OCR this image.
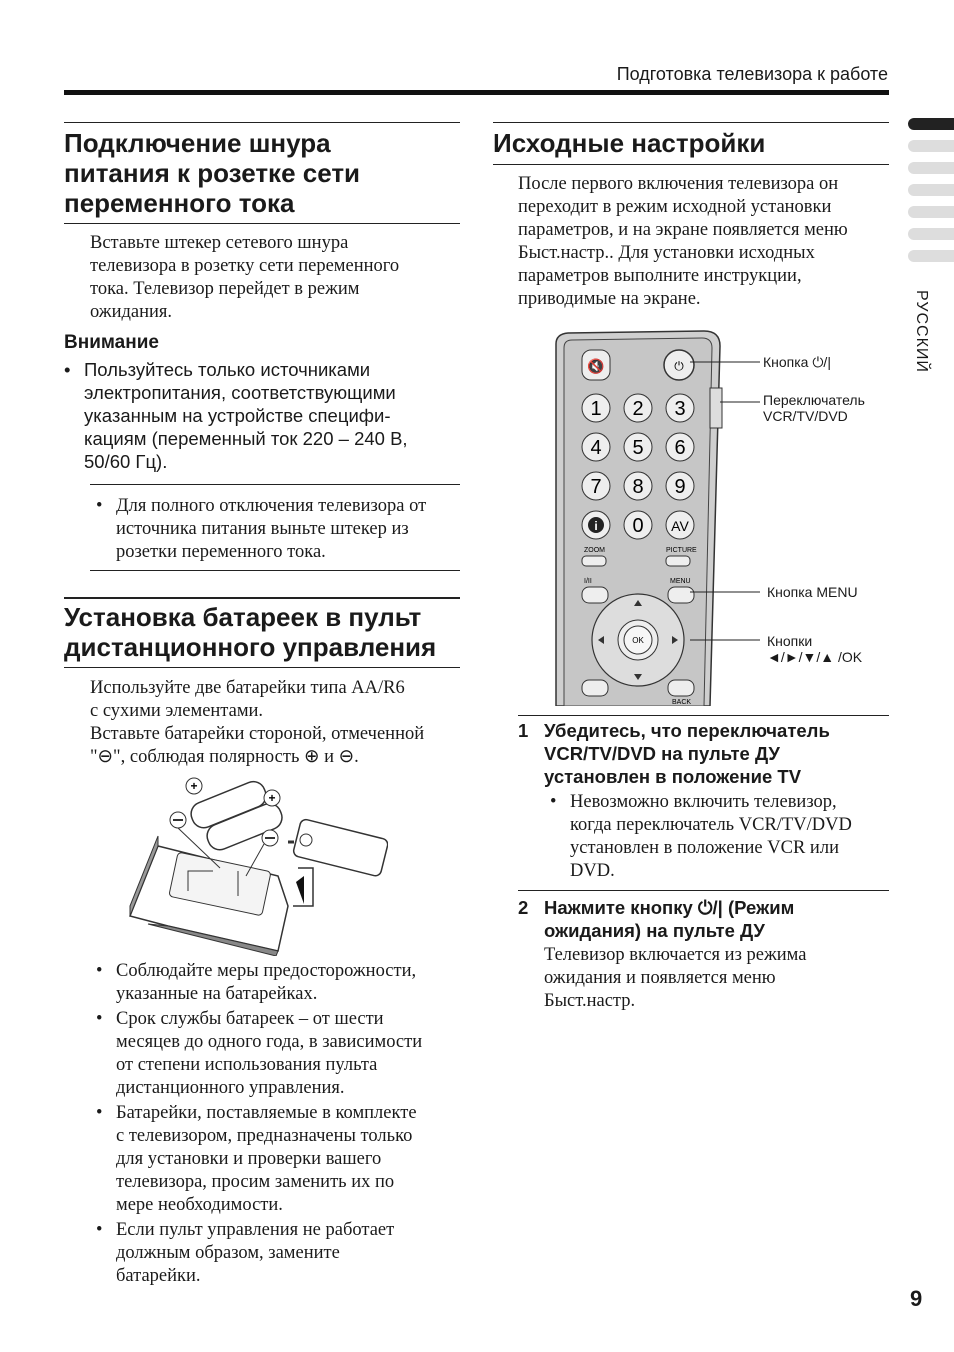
Подготовка телевизора к работе
РУССКИЙ
9
Подключение шнура
питания к розетке сети
переменного тока
Вставьте штекер сетевого шнура
телевизора в розетку сети переменного
тока. Телевизор перейдет в режим
ожидания.
Внимание
• Пользуйтесь только источниками
электропитания, соответствующими
указанным на устройстве специфи-
кациям (переменный ток 220 – 240 В,
50/60 Гц).
• Для полного отключения телевизора от
источника питания выньте штекер из
розетки переменного тока.
Установка батареек в пульт
дистанционного управления
Используйте две батарейки типа AA/R6
с сухими элементами.
Вставьте батарейки стороной, отмеченной
"⊖", соблюдая полярность ⊕ и ⊖.
+
+
• Соблюдайте меры предосторожности,
указанные на батарейках.
• Срок службы батареек – от шести
месяцев до одного года, в зависимости
от степени использования пульта
дистанционного управления.
• Батарейки, поставляемые в комплекте
с телевизором, предназначены только
для установки и проверки вашего
телевизора, просим заменить их по
мере необходимости.
• Если пульт управления не работает
должным образом, замените
батарейки.
Исходные настройки
После первого включения телевизора он
переходит в режим исходной установки
параметров, и на экране появляется меню
Быст.настр.. Для установки исходных
параметров выполните инструкции,
приводимые на экране.
🔇	⏻
1 2 3
4 5 6
7 8 9
i 0 AV
ZOOM	PICTURE
I/II	MENU
OK
BACK
Кнопка ⏻/|
Переключатель
VCR/TV/DVD
Кнопка MENU
Кнопки
◄/►/▼/▲ /OK
1 Убедитесь, что переключатель
VCR/TV/DVD на пульте ДУ
установлен в положение TV
• Невозможно включить телевизор,
когда переключатель VCR/TV/DVD
установлен в положение VCR или
DVD.
2 Нажмите кнопку ⏻/| (Режим
ожидания) на пульте ДУ
Телевизор включается из режима
ожидания и появляется меню
Быст.настр.
